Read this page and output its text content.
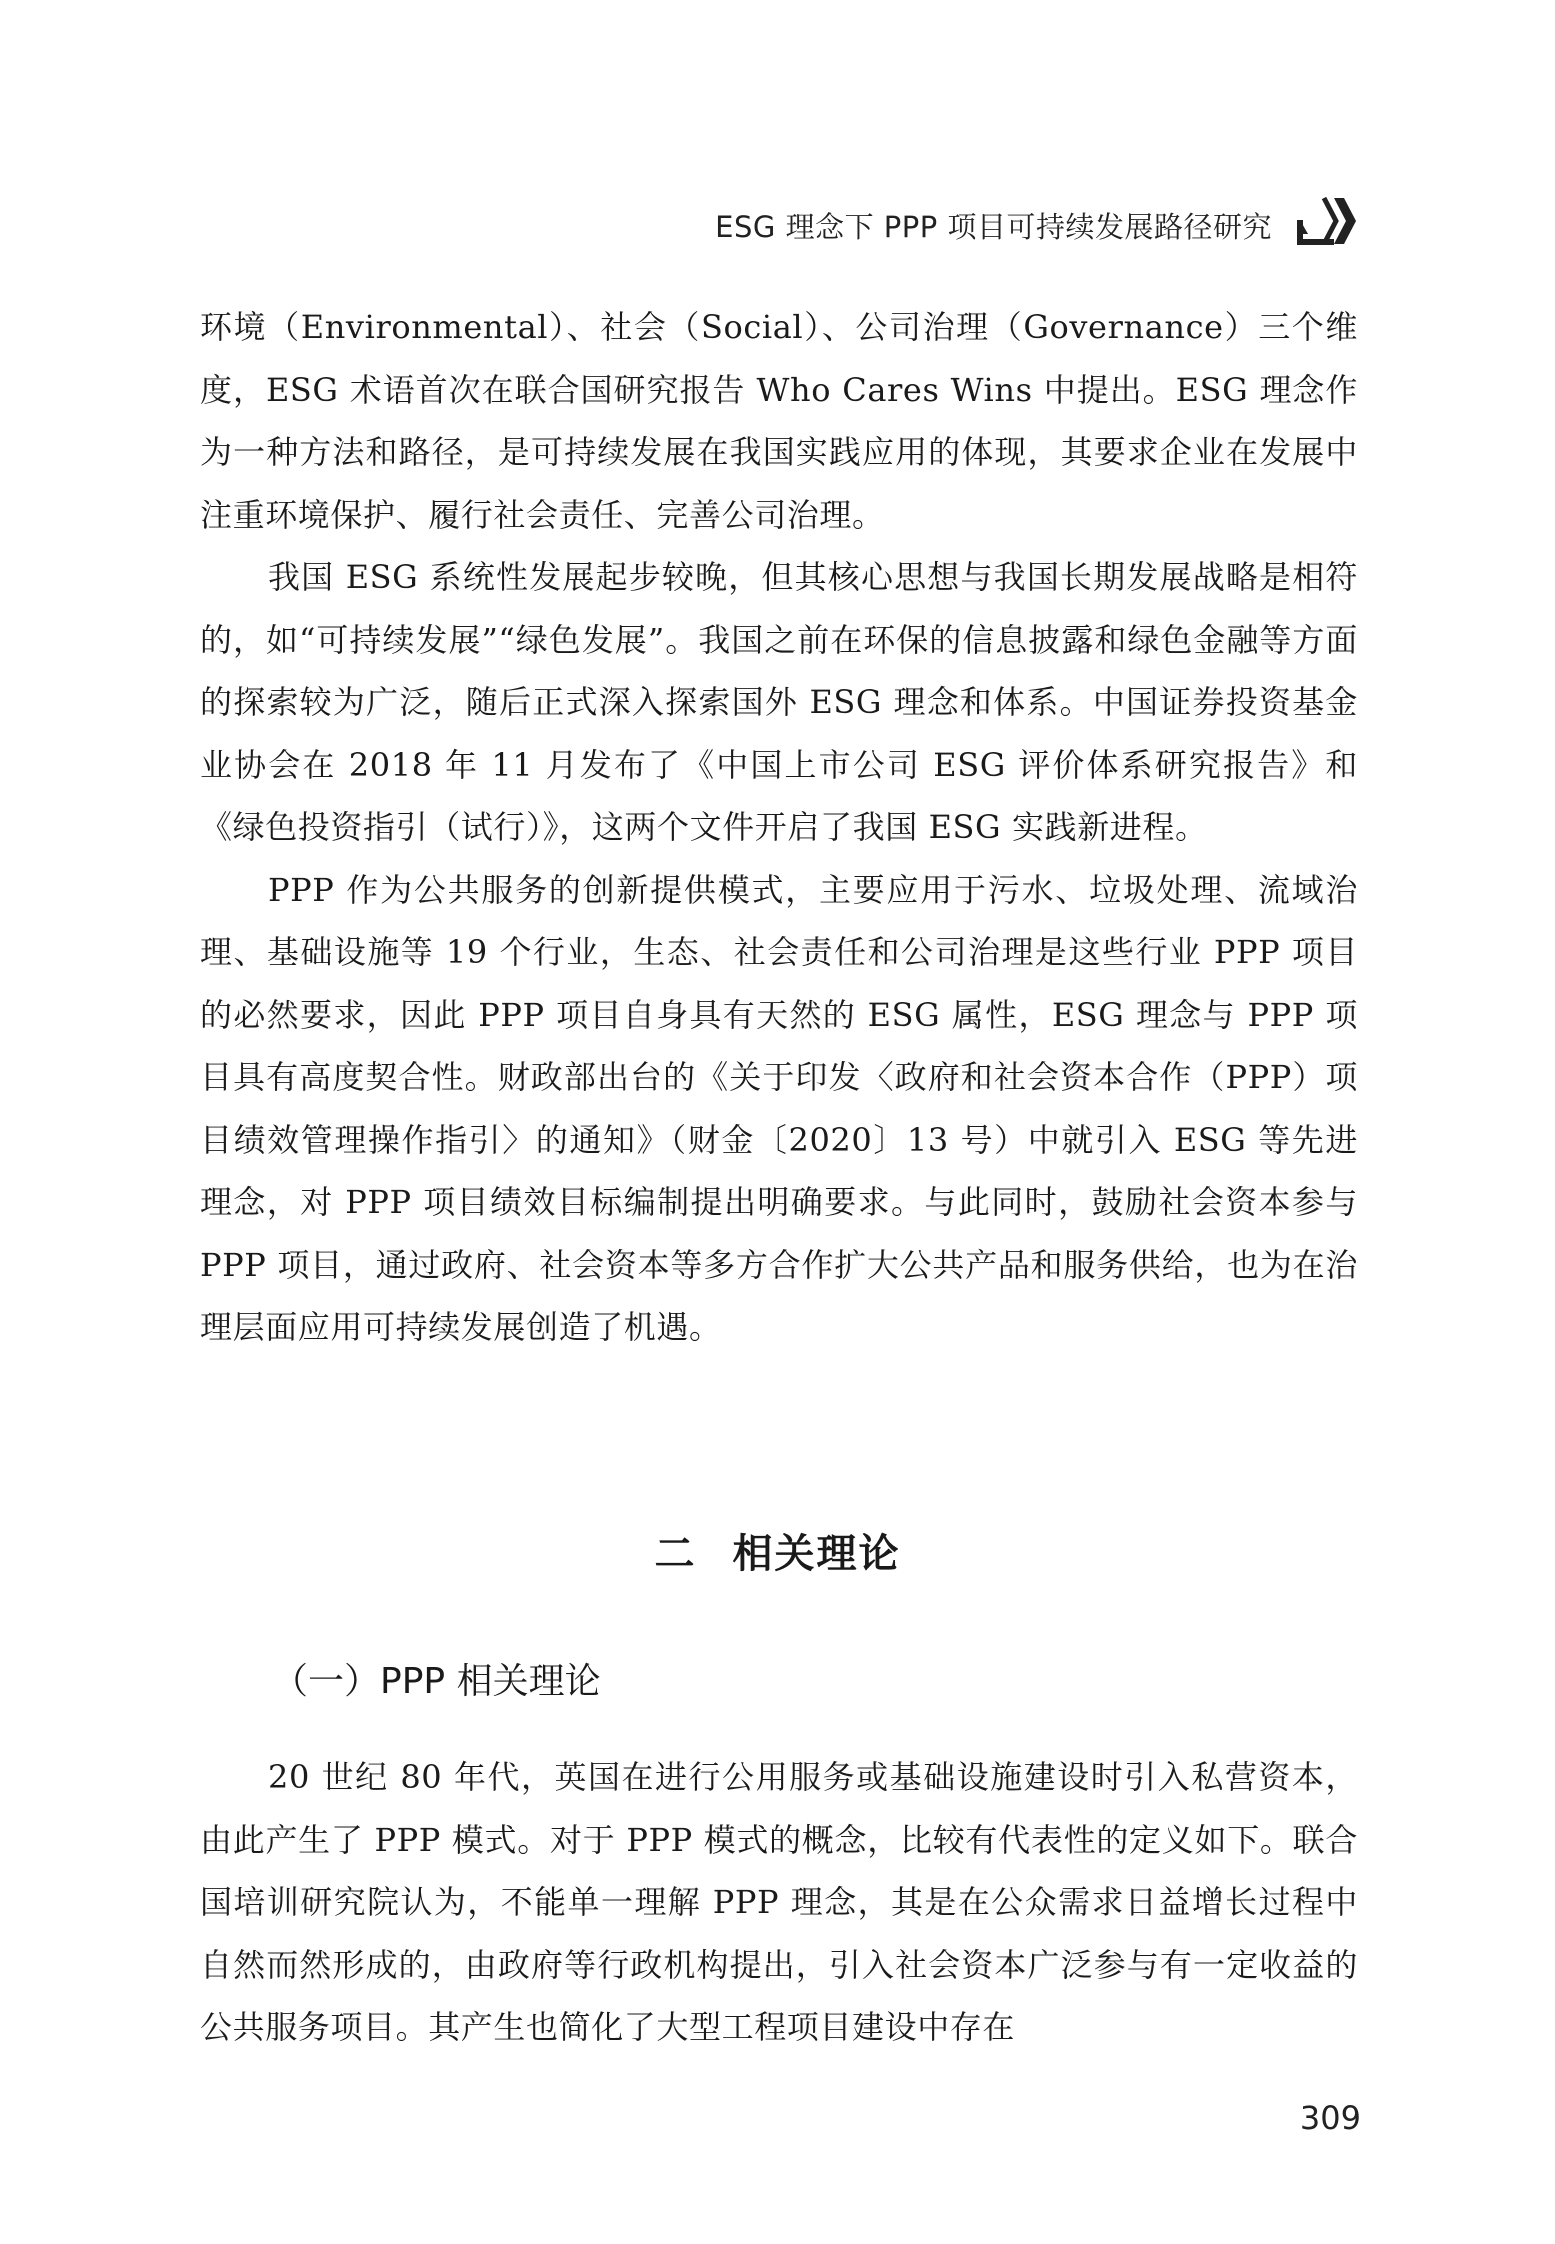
ESG 理念下 PPP 项目可持续发展路径研究

环境（Environmental）、社会（Social）、公司治理（Governance）三个维度，ESG 术语首次在联合国研究报告 Who Cares Wins 中提出。ESG 理念作为一种方法和路径，是可持续发展在我国实践应用的体现，其要求企业在发展中注重环境保护、履行社会责任、完善公司治理。

我国 ESG 系统性发展起步较晚，但其核心思想与我国长期发展战略是相符的，如“可持续发展”“绿色发展”。我国之前在环保的信息披露和绿色金融等方面的探索较为广泛，随后正式深入探索国外 ESG 理念和体系。中国证券投资基金业协会在 2018 年 11 月发布了《中国上市公司 ESG 评价体系研究报告》和《绿色投资指引（试行）》，这两个文件开启了我国 ESG 实践新进程。

PPP 作为公共服务的创新提供模式，主要应用于污水、垃圾处理、流域治理、基础设施等 19 个行业，生态、社会责任和公司治理是这些行业 PPP 项目的必然要求，因此 PPP 项目自身具有天然的 ESG 属性，ESG 理念与 PPP 项目具有高度契合性。财政部出台的《关于印发〈政府和社会资本合作（PPP）项目绩效管理操作指引〉的通知》（财金〔2020〕13 号）中就引入 ESG 等先进理念，对 PPP 项目绩效目标编制提出明确要求。与此同时，鼓励社会资本参与 PPP 项目，通过政府、社会资本等多方合作扩大公共产品和服务供给，也为在治理层面应用可持续发展创造了机遇。

二 相关理论
（一）PPP 相关理论

20 世纪 80 年代，英国在进行公用服务或基础设施建设时引入私营资本，由此产生了 PPP 模式。对于 PPP 模式的概念，比较有代表性的定义如下。联合国培训研究院认为，不能单一理解 PPP 理念，其是在公众需求日益增长过程中自然而然形成的，由政府等行政机构提出，引入社会资本广泛参与有一定收益的公共服务项目。其产生也简化了大型工程项目建设中存在

309
